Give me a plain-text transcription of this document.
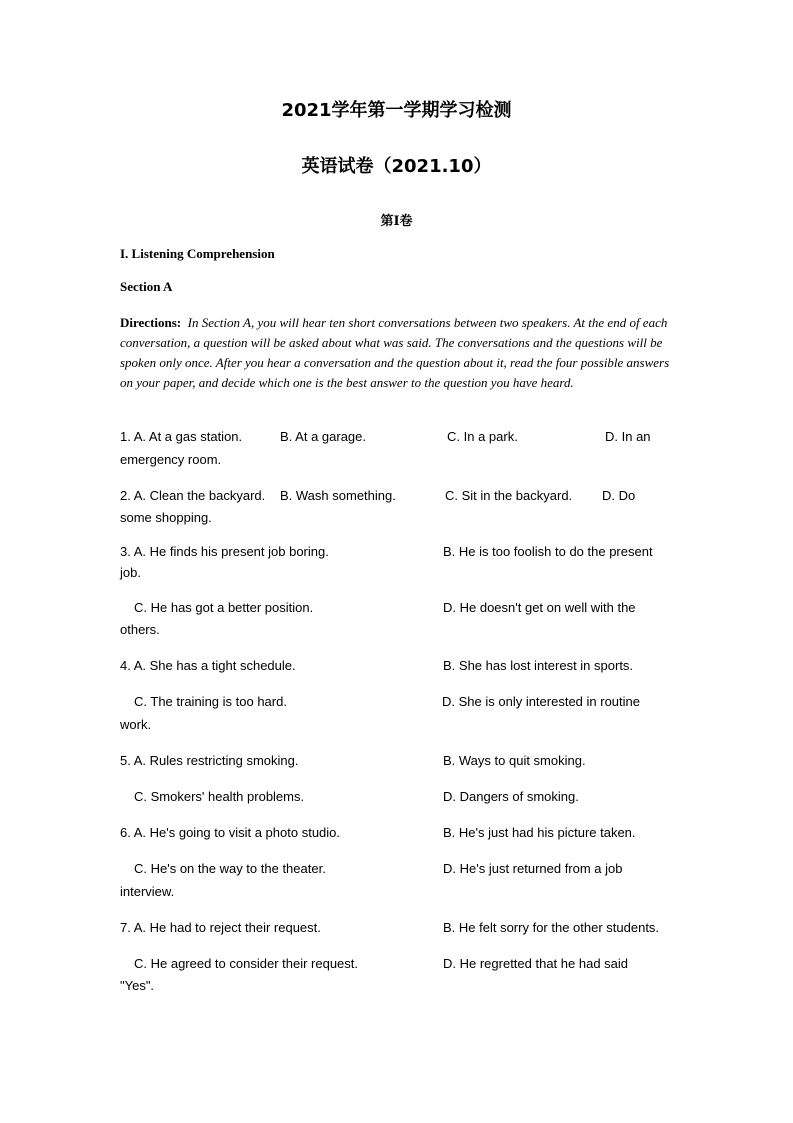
2021学年第一学期学习检测
英语试卷（2021.10）
第I卷
I. Listening Comprehension
Section A
Directions: In Section A, you will hear ten short conversations between two speakers. At the end of each conversation, a question will be asked about what was said. The conversations and the questions will be spoken only once. After you hear a conversation and the question about it, read the four possible answers on your paper, and decide which one is the best answer to the question you have heard.
1. A. At a gas station.	B. At a garage.	C. In a park.	D. In an
emergency room.
2. A. Clean the backyard. B. Wash something.	C. Sit in the backyard. D. Do
some shopping.
3. A. He finds his present job boring.	B. He is too foolish to do the present
job.
C. He has got a better position.	D. He doesn't get on well with the
others.
4. A. She has a tight schedule.	B. She has lost interest in sports.
C. The training is too hard.	D. She is only interested in routine
work.
5. A. Rules restricting smoking.	B. Ways to quit smoking.
C. Smokers' health problems.	D. Dangers of smoking.
6. A. He's going to visit a photo studio.	B. He's just had his picture taken.
C. He's on the way to the theater.	D. He's just returned from a job
interview.
7. A. He had to reject their request.	B. He felt sorry for the other students.
C. He agreed to consider their request.	D. He regretted that he had said
"Yes".
